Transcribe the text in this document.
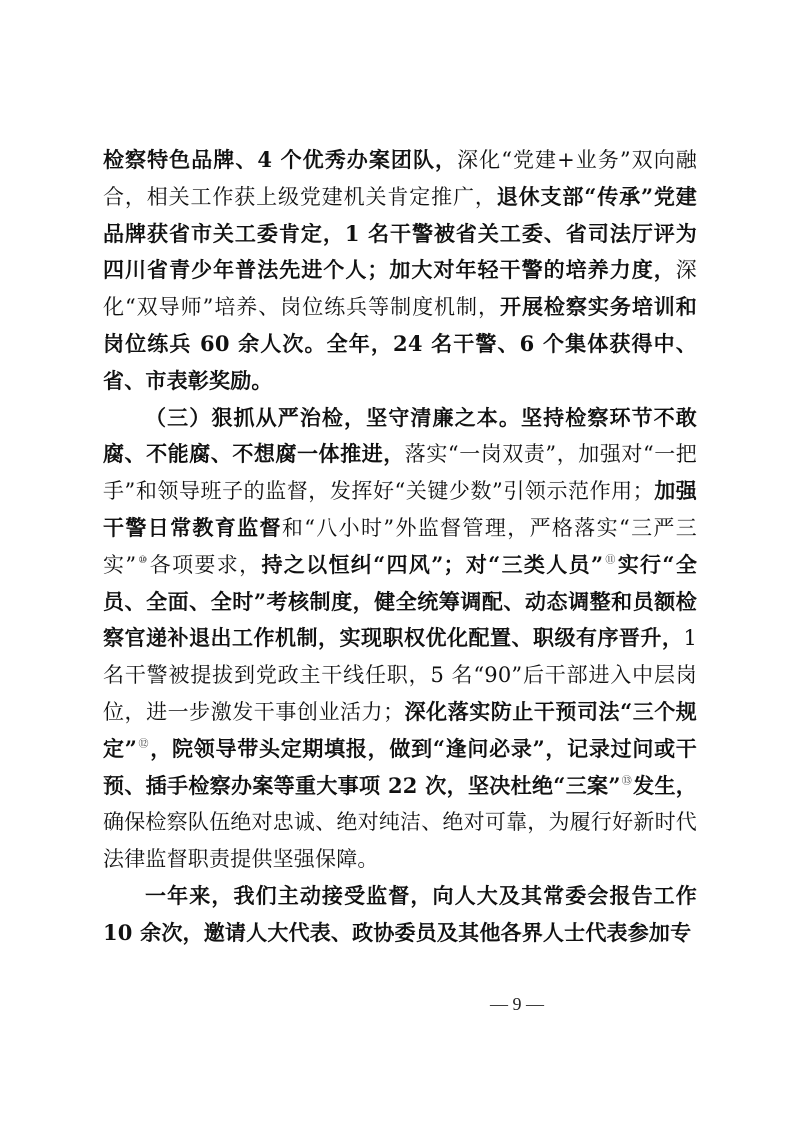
检察特色品牌、4 个优秀办案团队，深化“党建+业务”双向融合，相关工作获上级党建机关肯定推广，退休支部“传承”党建品牌获省市关工委肯定，1 名干警被省关工委、省司法厅评为四川省青少年普法先进个人；加大对年轻干警的培养力度，深化“双导师”培养、岗位练兵等制度机制，开展检察实务培训和岗位练兵 60 余人次。全年，24 名干警、6 个集体获得中、省、市表彰奖励。

（三）狠抓从严治检，坚守清廉之本。坚持检察环节不敢腐、不能腐、不想腐一体推进，落实“一岗双责”，加强对“一把手”和领导班子的监督，发挥好“关键少数”引领示范作用；加强干警日常教育监督和“八小时”外监督管理，严格落实“三严三实”⑩各项要求，持之以恒纠“四风”；对“三类人员”⑪实行“全员、全面、全时”考核制度，健全统筹调配、动态调整和员额检察官递补退出工作机制，实现职权优化配置、职级有序晋升，1 名干警被提拔到党政主干线任职，5 名“90”后干部进入中层岗位，进一步激发干事创业活力；深化落实防止干预司法“三个规定”⑫，院领导带头定期填报，做到“逢问必录”，记录过问或干预、插手检察办案等重大事项 22 次，坚决杜绝“三案”⑬发生，确保检察队伍绝对忠诚、绝对纯洁、绝对可靠，为履行好新时代法律监督职责提供坚强保障。

一年来，我们主动接受监督，向人大及其常委会报告工作 10 余次，邀请人大代表、政协委员及其他各界人士代表参加专

— 9 —
